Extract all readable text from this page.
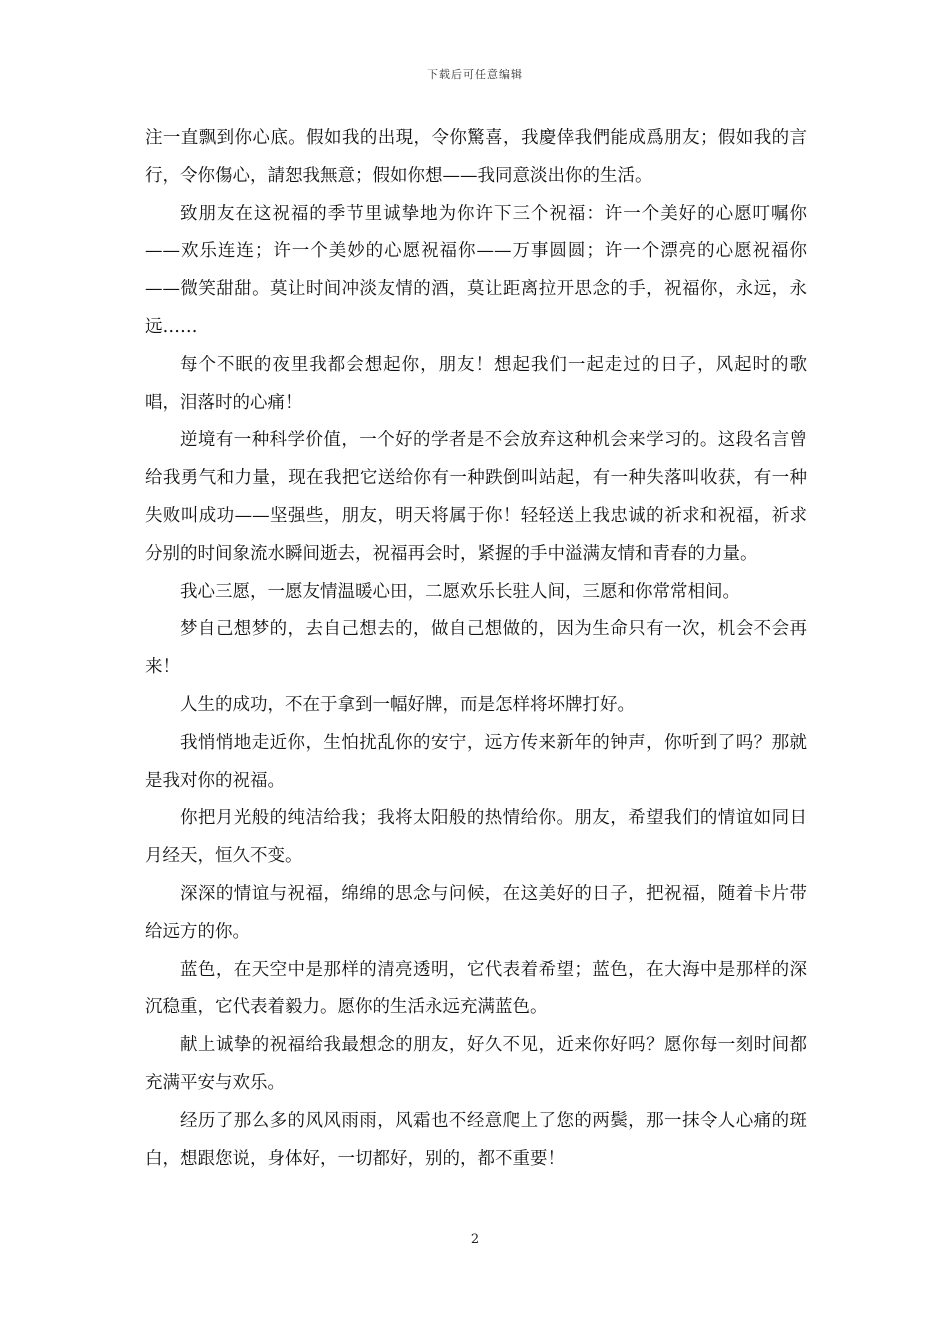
下载后可任意编辑

注一直飘到你心底。假如我的出現，令你驚喜，我慶倖我們能成爲朋友；假如我的言行，令你傷心，請恕我無意；假如你想——我同意淡出你的生活。

致朋友在这祝福的季节里诚挚地为你许下三个祝福：许一个美好的心愿叮嘱你——欢乐连连；许一个美妙的心愿祝福你——万事圆圆；许一个漂亮的心愿祝福你——微笑甜甜。莫让时间冲淡友情的酒，莫让距离拉开思念的手，祝福你，永远，永远……

每个不眠的夜里我都会想起你，朋友！想起我们一起走过的日子，风起时的歌唱，泪落时的心痛！

逆境有一种科学价值，一个好的学者是不会放弃这种机会来学习的。这段名言曾给我勇气和力量，现在我把它送给你有一种跌倒叫站起，有一种失落叫收获，有一种失败叫成功——坚强些，朋友，明天将属于你！轻轻送上我忠诚的祈求和祝福，祈求分别的时间象流水瞬间逝去，祝福再会时，紧握的手中溢满友情和青春的力量。

我心三愿，一愿友情温暖心田，二愿欢乐长驻人间，三愿和你常常相间。

梦自己想梦的，去自己想去的，做自己想做的，因为生命只有一次，机会不会再来！

人生的成功，不在于拿到一幅好牌，而是怎样将坏牌打好。

我悄悄地走近你，生怕扰乱你的安宁，远方传来新年的钟声，你听到了吗？那就是我对你的祝福。

你把月光般的纯洁给我；我将太阳般的热情给你。朋友，希望我们的情谊如同日月经天，恒久不变。

深深的情谊与祝福，绵绵的思念与问候，在这美好的日子，把祝福，随着卡片带给远方的你。

蓝色，在天空中是那样的清亮透明，它代表着希望；蓝色，在大海中是那样的深沉稳重，它代表着毅力。愿你的生活永远充满蓝色。

献上诚挚的祝福给我最想念的朋友，好久不见，近来你好吗？愿你每一刻时间都充满平安与欢乐。

经历了那么多的风风雨雨，风霜也不经意爬上了您的两鬓，那一抹令人心痛的斑白，想跟您说，身体好，一切都好，别的，都不重要！

2
